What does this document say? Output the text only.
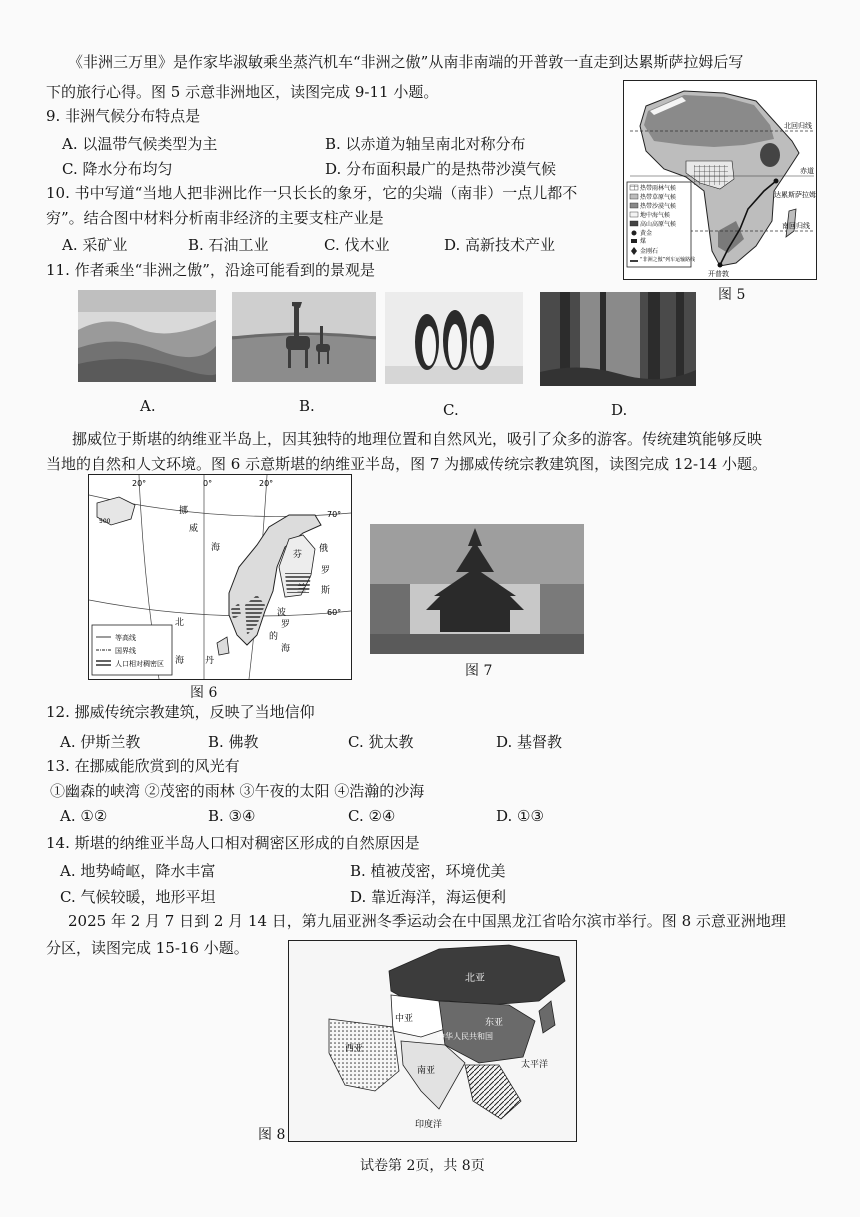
《非洲三万里》是作家毕淑敏乘坐蒸汽机车“非洲之傲”从南非南端的开普敦一直走到达累斯萨拉姆后写
下的旅行心得。图 5 示意非洲地区，读图完成 9-11 小题。
9. 非洲气候分布特点是
A. 以温带气候类型为主	B. 以赤道为轴呈南北对称分布
C. 降水分布均匀	D. 分布面积最广的是热带沙漠气候
10. 书中写道“当地人把非洲比作一只长长的象牙，它的尖端（南非）一点儿都不
穷”。结合图中材料分析南非经济的主要支柱产业是
A. 采矿业	B. 石油工业	C. 伐木业	D. 高新技术产业
11. 作者乘坐“非洲之傲”，沿途可能看到的景观是
热带雨林气候
热带草原气候
热带沙漠气候
地中海气候
高山高原气候
黄金
煤
金刚石
“非洲之傲”列车运输路线
北回归线
赤道
达累斯萨拉姆
南回归线
开普敦
图 5
A.	B.	C.	D.
挪威位于斯堪的纳维亚半岛上，因其独特的地理位置和自然风光，吸引了众多的游客。传统建筑能够反映
当地的自然和人文环境。图 6 示意斯堪的纳维亚半岛，图 7 为挪威传统宗教建筑图，读图完成 12-14 小题。
20°	0°	20°
70°
60°
500
挪
威
海
北
海
波
罗
的
海
芬
兰
俄
罗
斯
丹
等高线
国界线
人口相对稠密区
图 6
图 7
12. 挪威传统宗教建筑，反映了当地信仰
A. 伊斯兰教	B. 佛教	C. 犹太教	D. 基督教
13. 在挪威能欣赏到的风光有
①幽森的峡湾 ②茂密的雨林 ③午夜的太阳 ④浩瀚的沙海
A. ①②	B. ③④	C. ②④	D. ①③
14. 斯堪的纳维亚半岛人口相对稠密区形成的自然原因是
A. 地势崎岖，降水丰富	B. 植被茂密，环境优美
C. 气候较暖，地形平坦	D. 靠近海洋，海运便利
2025 年 2 月 7 日到 2 月 14 日，第九届亚洲冬季运动会在中国黑龙江省哈尔滨市举行。图 8 示意亚洲地理
分区，读图完成 15-16 小题。
北亚
中亚	东亚
西亚
南亚
中华人民共和国
太平洋
印度洋
图 8
试卷第 2页，共 8页
